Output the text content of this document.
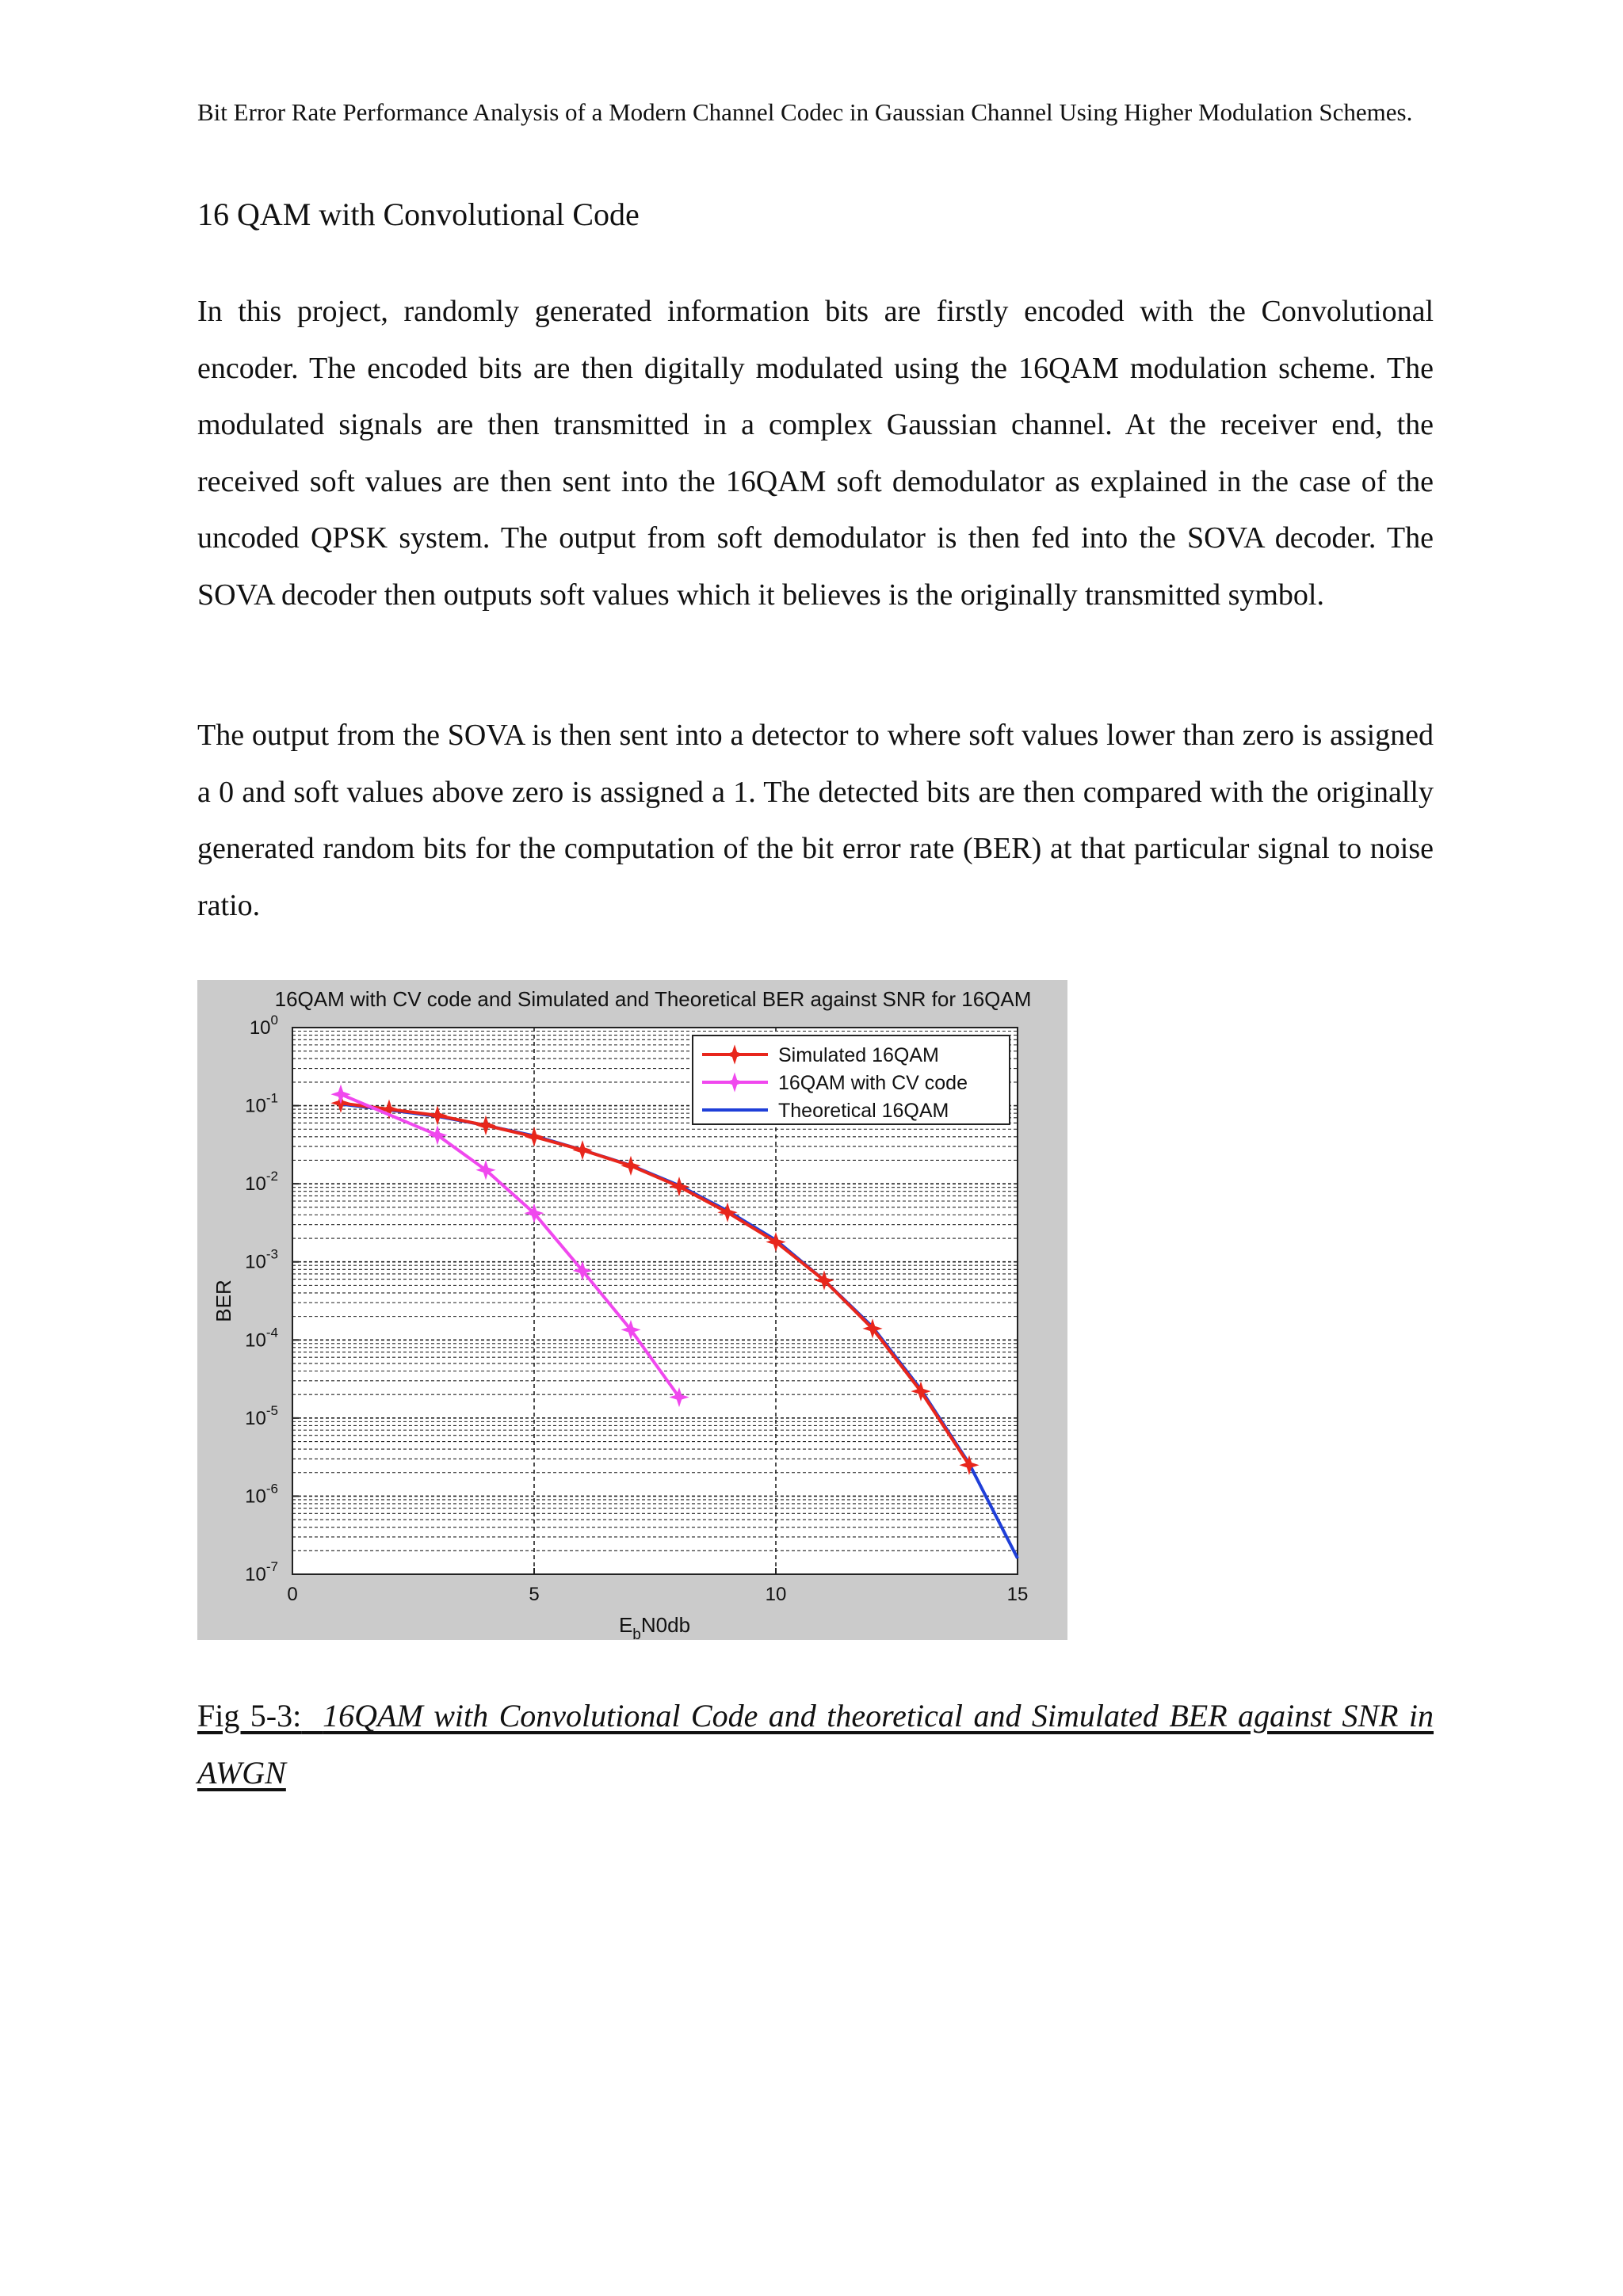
Bit Error Rate Performance Analysis of a Modern Channel Codec in Gaussian Channel Using Higher Modulation Schemes.
16 QAM with Convolutional Code

In this project, randomly generated information bits are firstly encoded with the Convolutional encoder. The encoded bits are then digitally modulated using the 16QAM modulation scheme. The modulated signals are then transmitted in a complex Gaussian channel. At the receiver end, the received soft values are then sent into the 16QAM soft demodulator as explained in the case of the uncoded QPSK system. The output from soft demodulator is then fed into the SOVA decoder. The SOVA decoder then outputs soft values which it believes is the originally transmitted symbol.

The output from the SOVA is then sent into a detector to where soft values lower than zero is assigned a 0 and soft values above zero is assigned a 1. The detected bits are then compared with the originally generated random bits for the computation of the bit error rate (BER) at that particular signal to noise ratio.

$10^0$
$10^{-1}$
$10^{-2}$
$10^{-3}$
$10^{-4}$
$10^{-5}$
$10^{-6}$
$10^{-7}$
0	5	10	15
16QAM with CV code and Simulated and Theoretical BER against SNR for 16QAM
BER
$E_bN0db$
Simulated 16QAM
16QAM with CV code
Theoretical 16QAM
Fig 5-3: 16QAM with Convolutional Code and theoretical and Simulated BER against SNR in AWGN
